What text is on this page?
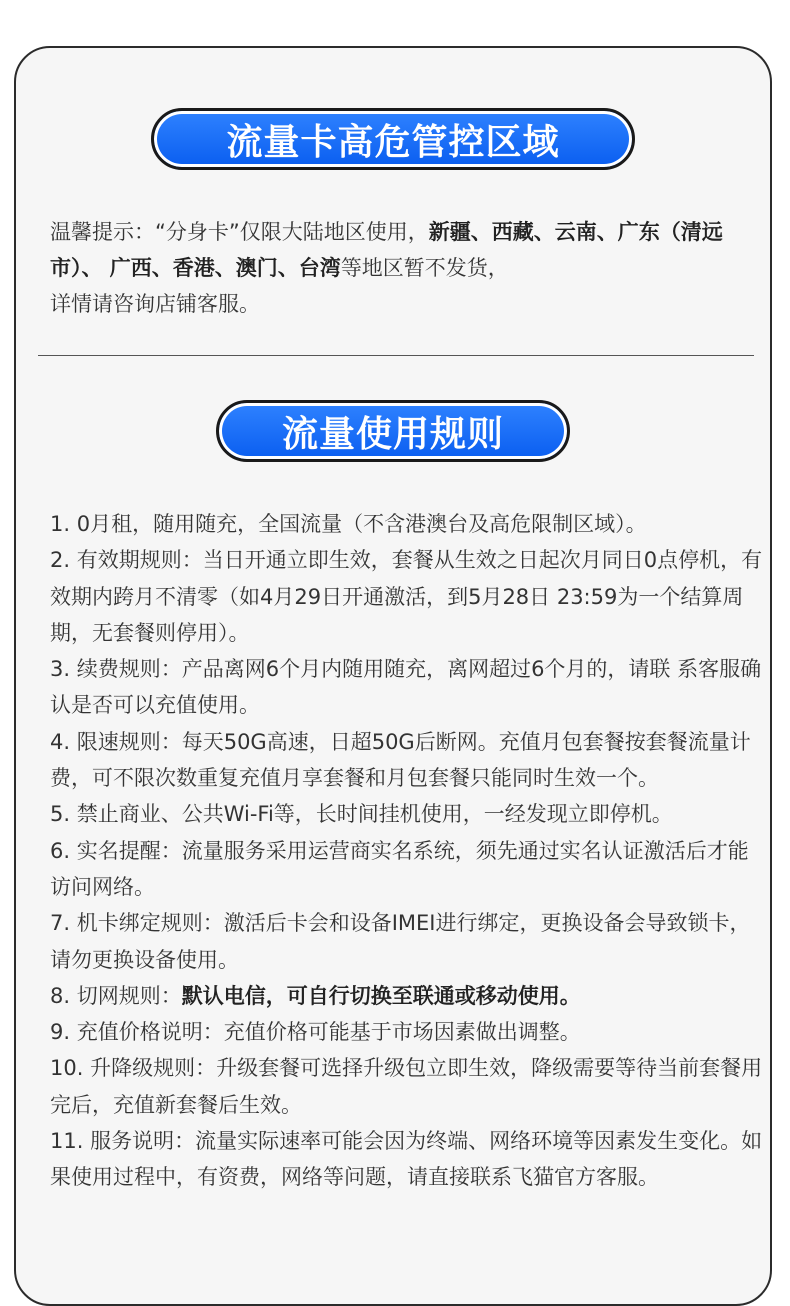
流量卡高危管控区域
温馨提示：“分身卡”仅限大陆地区使用，新疆、西藏、云南、广东（清远市）、 广西、香港、澳门、台湾等地区暂不发货，
详情请咨询店铺客服。
流量使用规则

1. 0月租，随用随充，全国流量（不含港澳台及高危限制区域）。

2. 有效期规则：当日开通立即生效，套餐从生效之日起次月同日0点停机，有效期内跨月不清零（如4月29日开通激活，到5月28日 23:59为一个结算周期，无套餐则停用）。

3. 续费规则：产品离网6个月内随用随充，离网超过6个月的，请联 系客服确认是否可以充值使用。

4. 限速规则：每天50G高速，日超50G后断网。充值月包套餐按套餐流量计费，可不限次数重复充值月享套餐和月包套餐只能同时生效一个。

5. 禁止商业、公共Wi-Fi等，长时间挂机使用，一经发现立即停机。

6. 实名提醒：流量服务采用运营商实名系统，须先通过实名认证激活后才能访问网络。

7. 机卡绑定规则：激活后卡会和设备IMEI进行绑定，更换设备会导致锁卡，请勿更换设备使用。

8. 切网规则：默认电信，可自行切换至联通或移动使用。

9. 充值价格说明：充值价格可能基于市场因素做出调整。

10. 升降级规则：升级套餐可选择升级包立即生效，降级需要等待当前套餐用完后，充值新套餐后生效。

11. 服务说明：流量实际速率可能会因为终端、网络环境等因素发生变化。如果使用过程中，有资费，网络等问题，请直接联系飞猫官方客服。
